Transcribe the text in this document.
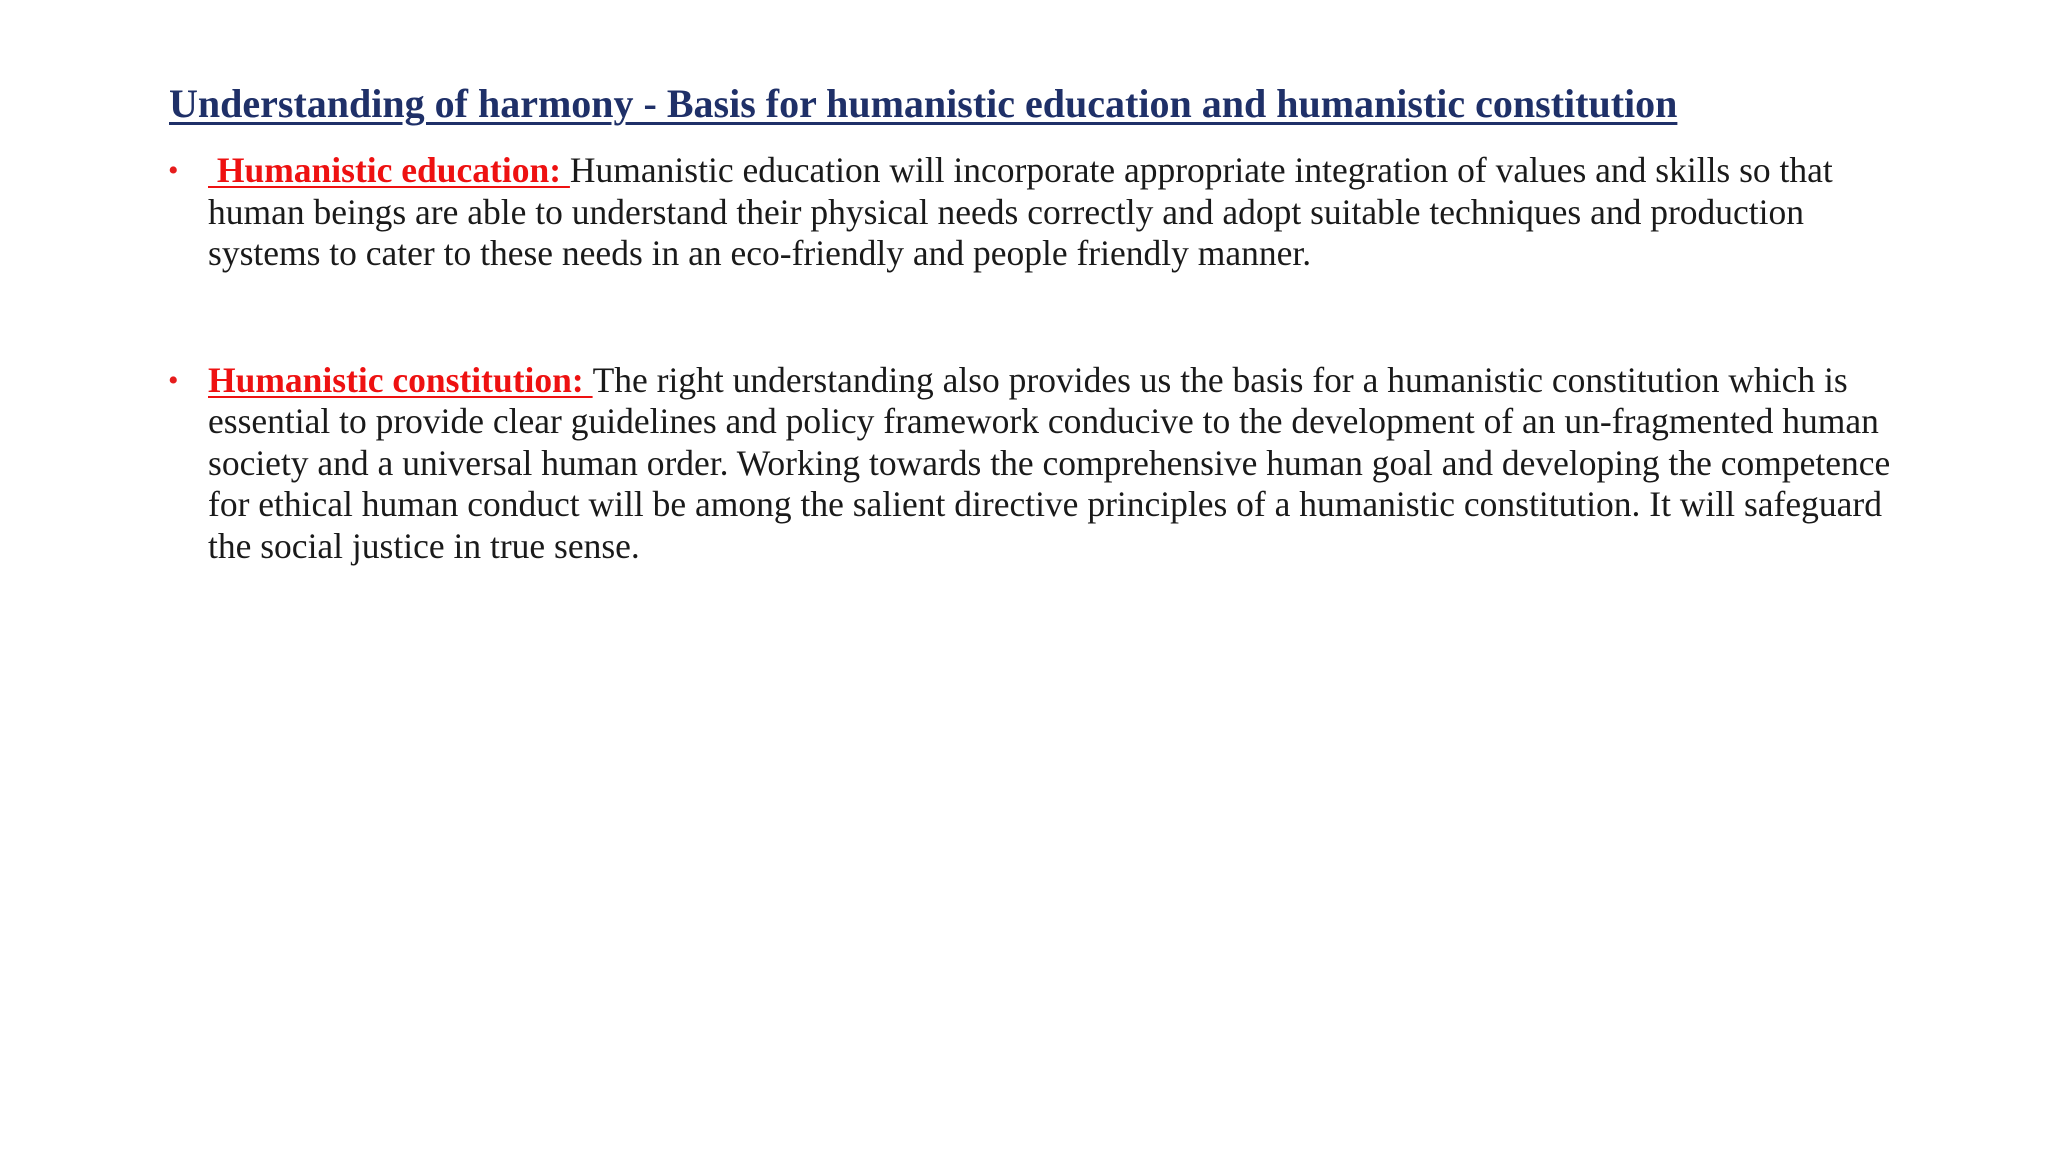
Understanding of harmony - Basis for humanistic education and humanistic constitution
• Humanistic education: Humanistic education will incorporate appropriate integration of values and skills so that human beings are able to understand their physical needs correctly and adopt suitable techniques and production systems to cater to these needs in an eco-friendly and people friendly manner.
• Humanistic constitution: The right understanding also provides us the basis for a humanistic constitution which is essential to provide clear guidelines and policy framework conducive to the development of an un-fragmented human society and a universal human order. Working towards the comprehensive human goal and developing the competence for ethical human conduct will be among the salient directive principles of a humanistic constitution. It will safeguard the social justice in true sense.
